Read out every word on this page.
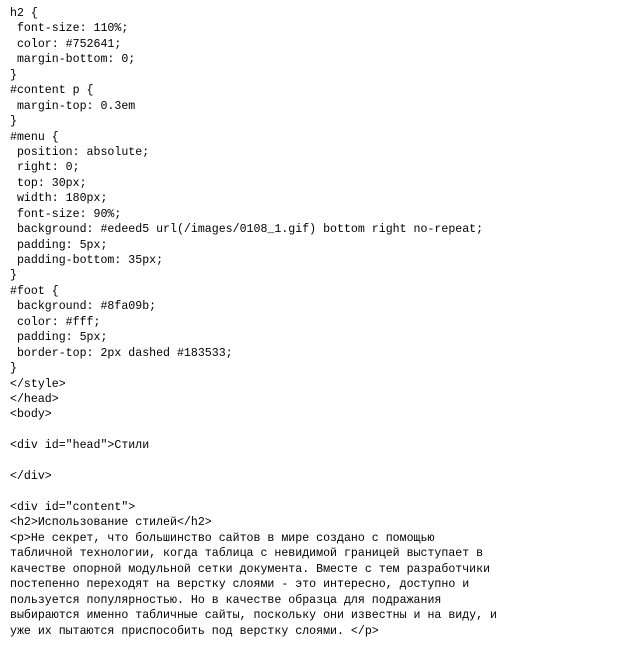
h2 {
font-size: 110%;
color: #752641;
margin-bottom: 0;
}
#content p {
margin-top: 0.3em
}
#menu {
position: absolute;
right: 0;
top: 30px;
width: 180px;
font-size: 90%;
background: #edeed5 url(/images/0108_1.gif) bottom right no-repeat;
padding: 5px;
padding-bottom: 35px;
}
#foot {
background: #8fa09b;
color: #fff;
padding: 5px;
border-top: 2px dashed #183533;
}
</style>
</head>
<body>
<div id="head">Стили
</div>
<div id="content">
<h2>Использование стилей</h2>
<p>Не секрет, что большинство сайтов в мире создано с помощью
табличной технологии, когда таблица с невидимой границей выступает в
качестве опорной модульной сетки документа. Вместе с тем разработчики
постепенно переходят на верстку слоями - это интересно, доступно и
пользуется популярностью. Но в качестве образца для подражания
выбираются именно табличные сайты, поскольку они известны и на виду, и
уже их пытаются приспособить под верстку слоями. </p>
